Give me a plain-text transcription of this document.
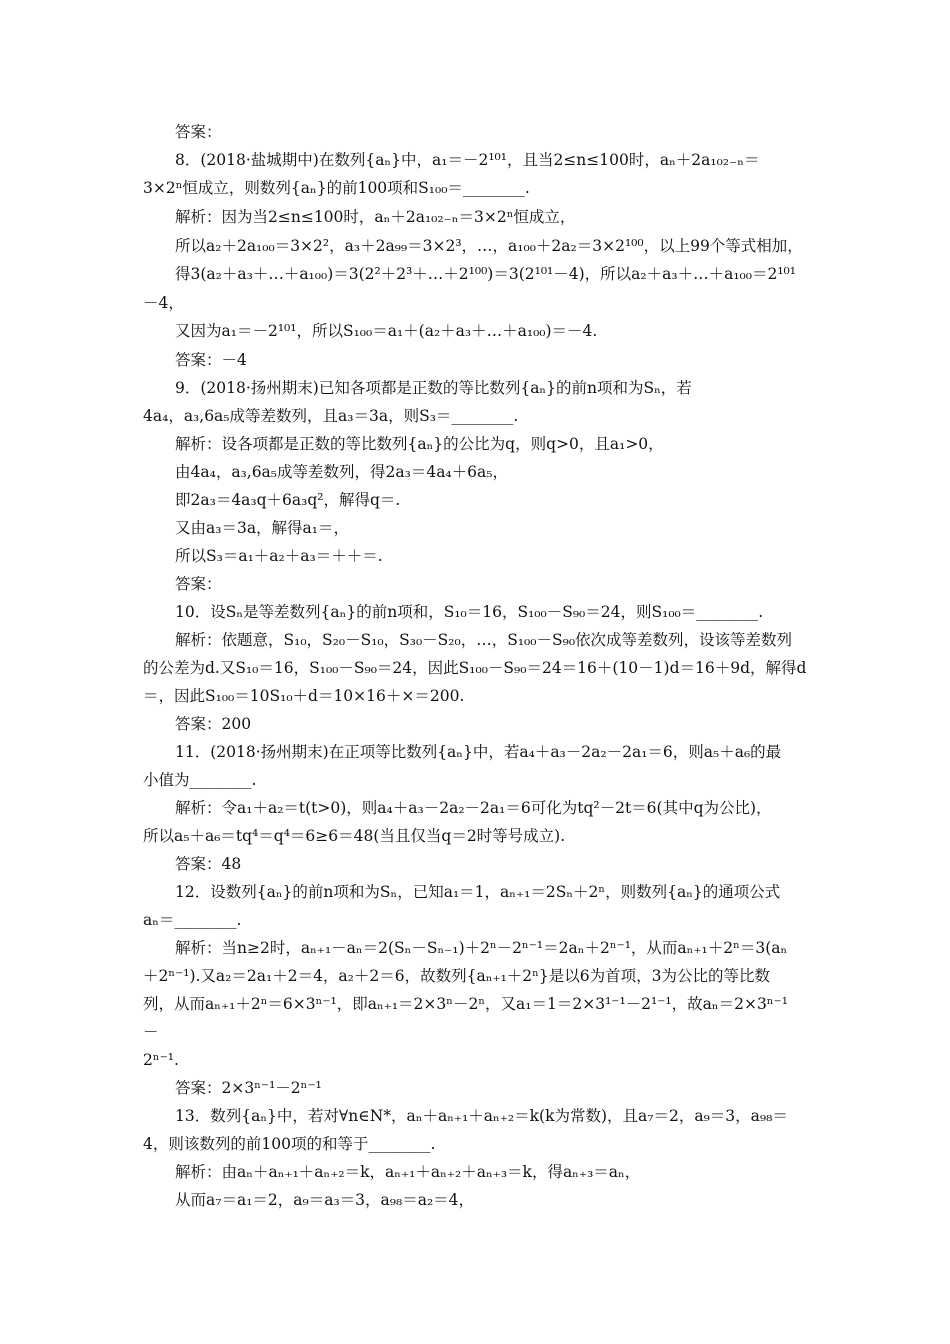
答案：
8．(2018·盐城期中)在数列{aₙ}中，a₁＝－2¹⁰¹，且当2≤n≤100时，aₙ＋2a₁₀₂₋ₙ＝
3×2ⁿ恒成立，则数列{aₙ}的前100项和S₁₀₀＝________.
解析：因为当2≤n≤100时，aₙ＋2a₁₀₂₋ₙ＝3×2ⁿ恒成立，
所以a₂＋2a₁₀₀＝3×2²，a₃＋2a₉₉＝3×2³，…，a₁₀₀＋2a₂＝3×2¹⁰⁰，以上99个等式相加，
得3(a₂＋a₃＋…＋a₁₀₀)＝3(2²＋2³＋…＋2¹⁰⁰)＝3(2¹⁰¹－4)，所以a₂＋a₃＋…＋a₁₀₀＝2¹⁰¹
－4，
又因为a₁＝－2¹⁰¹，所以S₁₀₀＝a₁＋(a₂＋a₃＋…＋a₁₀₀)＝－4.
答案：－4
9．(2018·扬州期末)已知各项都是正数的等比数列{aₙ}的前n项和为Sₙ，若
4a₄，a₃,6a₅成等差数列，且a₃＝3a，则S₃＝________.
解析：设各项都是正数的等比数列{aₙ}的公比为q，则q>0，且a₁>0，
由4a₄，a₃,6a₅成等差数列，得2a₃＝4a₄＋6a₅，
即2a₃＝4a₃q＋6a₃q²，解得q＝.
又由a₃＝3a，解得a₁＝，
所以S₃＝a₁＋a₂＋a₃＝＋＋＝.
答案：
10．设Sₙ是等差数列{aₙ}的前n项和，S₁₀＝16，S₁₀₀－S₉₀＝24，则S₁₀₀＝________.
解析：依题意，S₁₀，S₂₀－S₁₀，S₃₀－S₂₀，…，S₁₀₀－S₉₀依次成等差数列，设该等差数列
的公差为d.又S₁₀＝16，S₁₀₀－S₉₀＝24，因此S₁₀₀－S₉₀＝24＝16＋(10－1)d＝16＋9d，解得d
＝，因此S₁₀₀＝10S₁₀＋d＝10×16＋×＝200.
答案：200
11．(2018·扬州期末)在正项等比数列{aₙ}中，若a₄＋a₃－2a₂－2a₁＝6，则a₅＋a₆的最
小值为________.
解析：令a₁＋a₂＝t(t>0)，则a₄＋a₃－2a₂－2a₁＝6可化为tq²－2t＝6(其中q为公比)，
所以a₅＋a₆＝tq⁴＝q⁴＝6≥6＝48(当且仅当q＝2时等号成立).
答案：48
12．设数列{aₙ}的前n项和为Sₙ，已知a₁＝1，aₙ₊₁＝2Sₙ＋2ⁿ，则数列{aₙ}的通项公式
aₙ＝________.
解析：当n≥2时，aₙ₊₁－aₙ＝2(Sₙ－Sₙ₋₁)＋2ⁿ－2ⁿ⁻¹＝2aₙ＋2ⁿ⁻¹，从而aₙ₊₁＋2ⁿ＝3(aₙ
＋2ⁿ⁻¹).又a₂＝2a₁＋2＝4，a₂＋2＝6，故数列{aₙ₊₁＋2ⁿ}是以6为首项，3为公比的等比数
列，从而aₙ₊₁＋2ⁿ＝6×3ⁿ⁻¹，即aₙ₊₁＝2×3ⁿ－2ⁿ，又a₁＝1＝2×3¹⁻¹－2¹⁻¹，故aₙ＝2×3ⁿ⁻¹
－
2ⁿ⁻¹.
答案：2×3ⁿ⁻¹－2ⁿ⁻¹
13．数列{aₙ}中，若对∀n∈N*，aₙ＋aₙ₊₁＋aₙ₊₂＝k(k为常数)，且a₇＝2，a₉＝3，a₉₈＝
4，则该数列的前100项的和等于________.
解析：由aₙ＋aₙ₊₁＋aₙ₊₂＝k，aₙ₊₁＋aₙ₊₂＋aₙ₊₃＝k，得aₙ₊₃＝aₙ，
从而a₇＝a₁＝2，a₉＝a₃＝3，a₉₈＝a₂＝4，
